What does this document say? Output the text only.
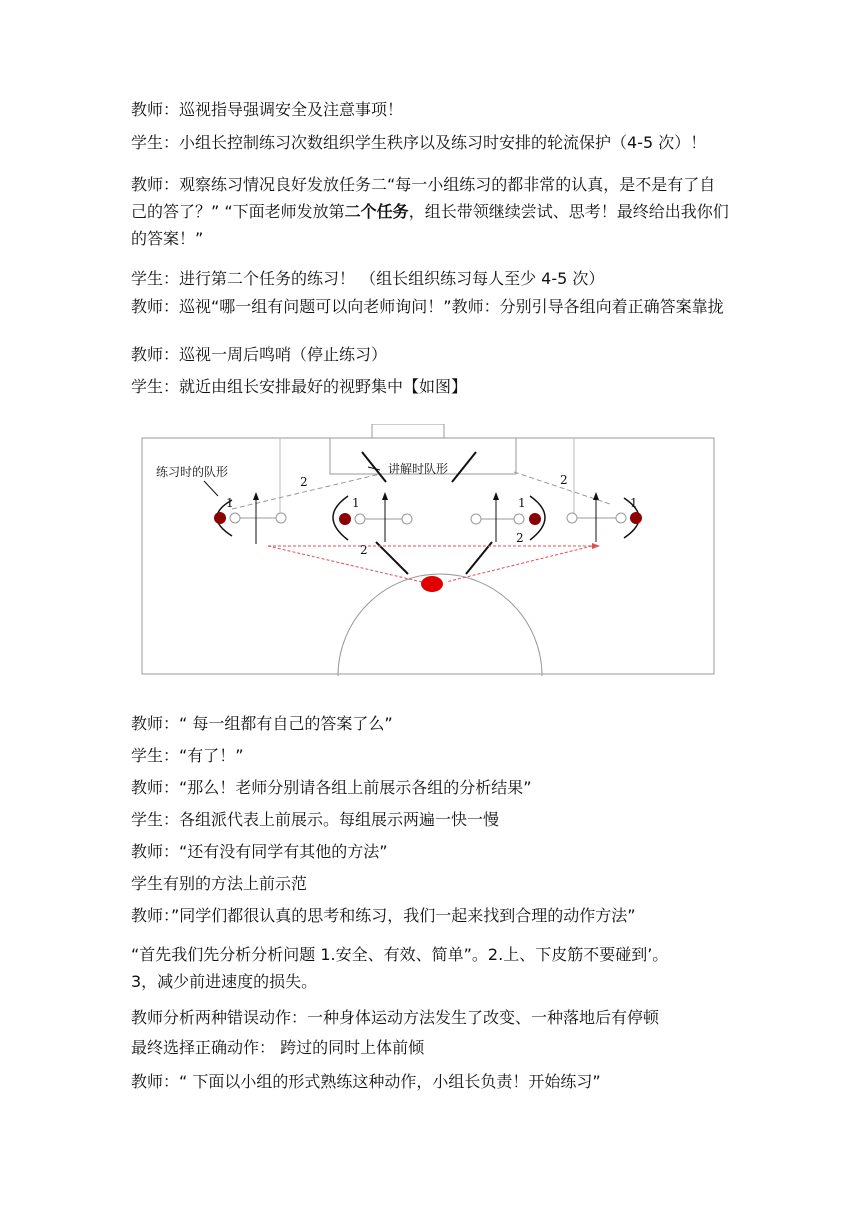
教师：巡视指导强调安全及注意事项！

学生：小组长控制练习次数组织学生秩序以及练习时安排的轮流保护（4-5 次）！

教师：观察练习情况良好发放任务二“每一小组练习的都非常的认真，是不是有了自己的答了？” “下面老师发放第二个任务，组长带领继续尝试、思考！最终给出我你们的答案！”

学生：进行第二个任务的练习！ （组长组织练习每人至少 4-5 次）

教师：巡视“哪一组有问题可以向老师询问！”教师：分别引导各组向着正确答案靠拢

教师：巡视一周后鸣哨（停止练习）

学生：就近由组长安排最好的视野集中【如图】

练习时的队形	讲解时队形
2	2
1	1	1	1
2
2

教师：“ 每一组都有自己的答案了么”

学生：“有了！”

教师：“那么！老师分别请各组上前展示各组的分析结果”

学生：各组派代表上前展示。每组展示两遍一快一慢

教师：“还有没有同学有其他的方法”

学生有别的方法上前示范

教师：”同学们都很认真的思考和练习，我们一起来找到合理的动作方法”

“首先我们先分析分析问题 1.安全、有效、简单”。2.上、下皮筋不要碰到’。

3，减少前进速度的损失。

教师分析两种错误动作：一种身体运动方法发生了改变、一种落地后有停顿

最终选择正确动作： 跨过的同时上体前倾

教师：“ 下面以小组的形式熟练这种动作，小组长负责！开始练习”
